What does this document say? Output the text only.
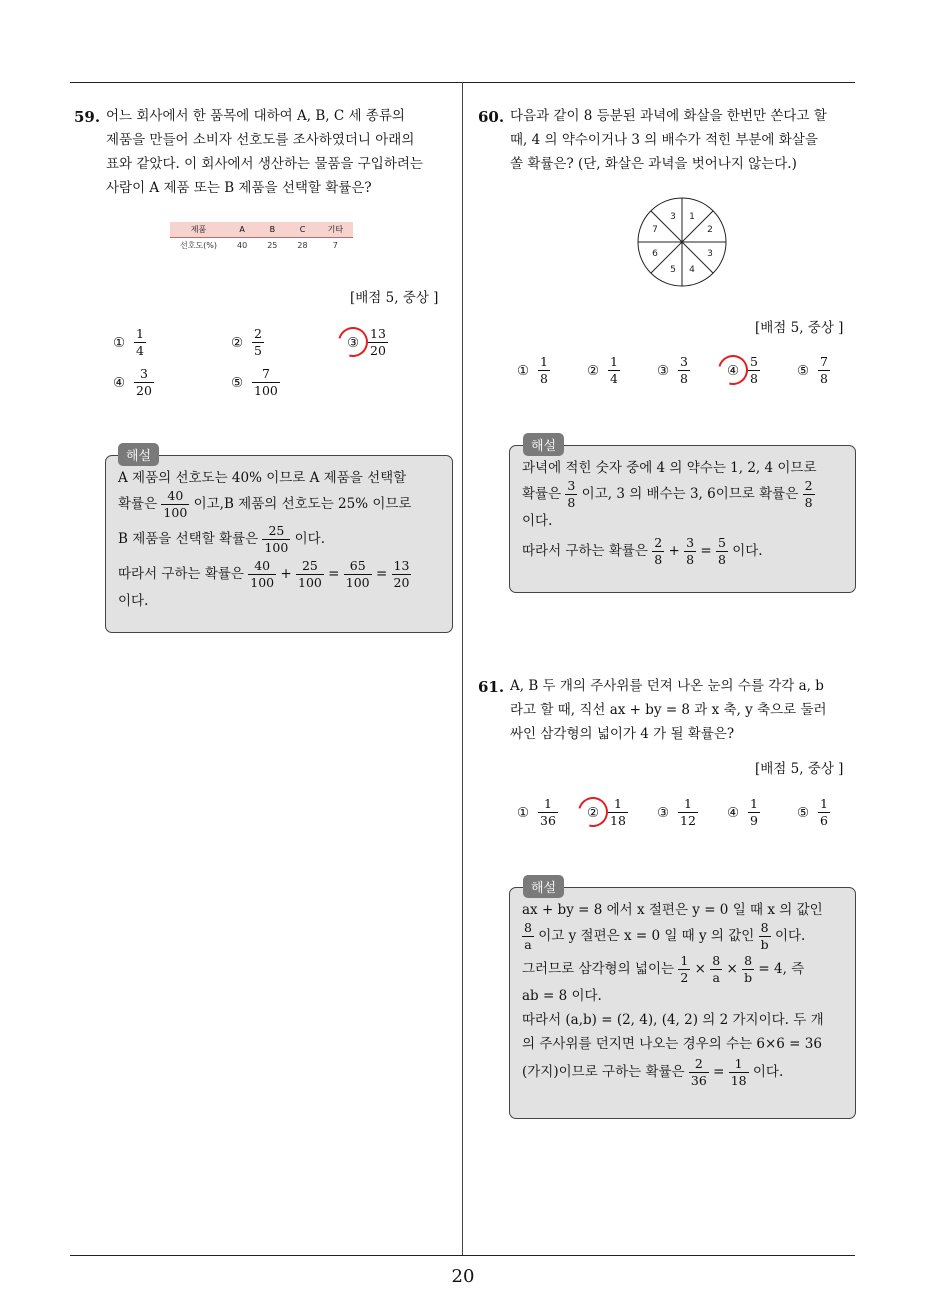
20
59. 어느 회사에서 한 품목에 대하여 A, B, C 세 종류의
제품을 만들어 소비자 선호도를 조사하였더니 아래의
표와 같았다. 이 회사에서 생산하는 물품을 구입하려는
사람이 A 제품 또는 B 제품을 선택할 확률은?
제품	A	B	C	기타
선호도(%)	40	25	28	7
[배점 5, 중상 ]
① $\frac{1}{4}$	② $\frac{2}{5}$	③ $\frac{13}{20}$
④ $\frac{3}{20}$	⑤ $\frac{7}{100}$
A 제품의 선호도는 40% 이므로 A 제품을 선택할
확률은 $\frac{40}{100}$ 이고,B 제품의 선호도는 25% 이므로
B 제품을 선택할 확률은 $\frac{25}{100}$ 이다.
따라서 구하는 확률은 $\frac{40}{100} + \frac{25}{100} = \frac{65}{100} = \frac{13}{20}$
이다.
해설
60. 다음과 같이 8 등분된 과녁에 화살을 한번만 쏜다고 할
때, 4 의 약수이거나 3 의 배수가 적힌 부분에 화살을
쏠 확률은? (단, 화살은 과녁을 벗어나지 않는다.)
3 1
2
3
4
5
6
7
[배점 5, 중상 ]
① $\frac{1}{8}$	② $\frac{1}{4}$	③ $\frac{3}{8}$	④ $\frac{5}{8}$	⑤ $\frac{7}{8}$
과녁에 적힌 숫자 중에 4 의 약수는 1, 2, 4 이므로
확률은 $\frac{3}{8}$ 이고, 3 의 배수는 3, 6이므로 확률은 $\frac{2}{8}$
이다.
따라서 구하는 확률은 $\frac{2}{8} + \frac{3}{8} = \frac{5}{8}$ 이다.
해설
61. A, B 두 개의 주사위를 던져 나온 눈의 수를 각각 a, b
라고 할 때, 직선 ax + by = 8 과 x 축, y 축으로 둘러
싸인 삼각형의 넓이가 4 가 될 확률은?
[배점 5, 중상 ]
① $\frac{1}{36}$ ② $\frac{1}{18}$ ③ $\frac{1}{12}$ ④ $\frac{1}{9}$	⑤ $\frac{1}{6}$
ax + by = 8 에서 x 절편은 y = 0 일 때 x 의 값인
$\frac{8}{a}$ 이고 y 절편은 x = 0 일 때 y 의 값인 $\frac{8}{b}$ 이다.
그러므로 삼각형의 넓이는 $\frac{1}{2} \times \frac{8}{a} \times \frac{8}{b} = 4$, 즉
ab = 8 이다.
따라서 (a,b) = (2, 4), (4, 2) 의 2 가지이다. 두 개
의 주사위를 던지면 나오는 경우의 수는 6×6 = 36
(가지)이므로 구하는 확률은 $\frac{2}{36} = \frac{1}{18}$ 이다.
해설
